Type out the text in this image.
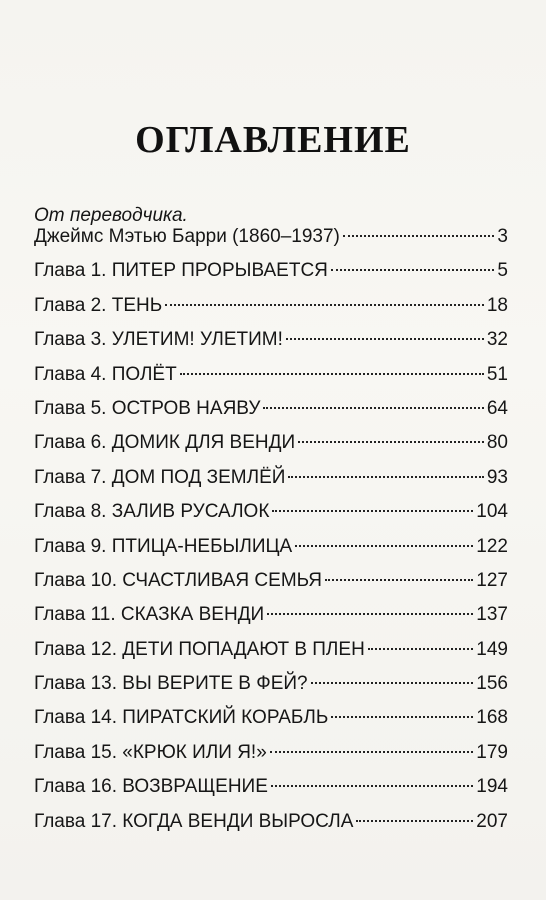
ОГЛАВЛЕНИЕ
От переводчика.
Джеймс Мэтью Барри (1860–1937)	3
Глава 1. ПИТЕР ПРОРЫВАЕТСЯ	5
Глава 2. ТЕНЬ	18
Глава 3. УЛЕТИМ! УЛЕТИМ!	32
Глава 4. ПОЛЁТ	51
Глава 5. ОСТРОВ НАЯВУ	64
Глава 6. ДОМИК ДЛЯ ВЕНДИ	80
Глава 7. ДОМ ПОД ЗЕМЛЁЙ	93
Глава 8. ЗАЛИВ РУСАЛОК	104
Глава 9. ПТИЦА-НЕБЫЛИЦА	122
Глава 10. СЧАСТЛИВАЯ СЕМЬЯ	127
Глава 11. СКАЗКА ВЕНДИ	137
Глава 12. ДЕТИ ПОПАДАЮТ В ПЛЕН	149
Глава 13. ВЫ ВЕРИТЕ В ФЕЙ?	156
Глава 14. ПИРАТСКИЙ КОРАБЛЬ	168
Глава 15. «КРЮК ИЛИ Я!»	179
Глава 16. ВОЗВРАЩЕНИЕ	194
Глава 17. КОГДА ВЕНДИ ВЫРОСЛА	207
